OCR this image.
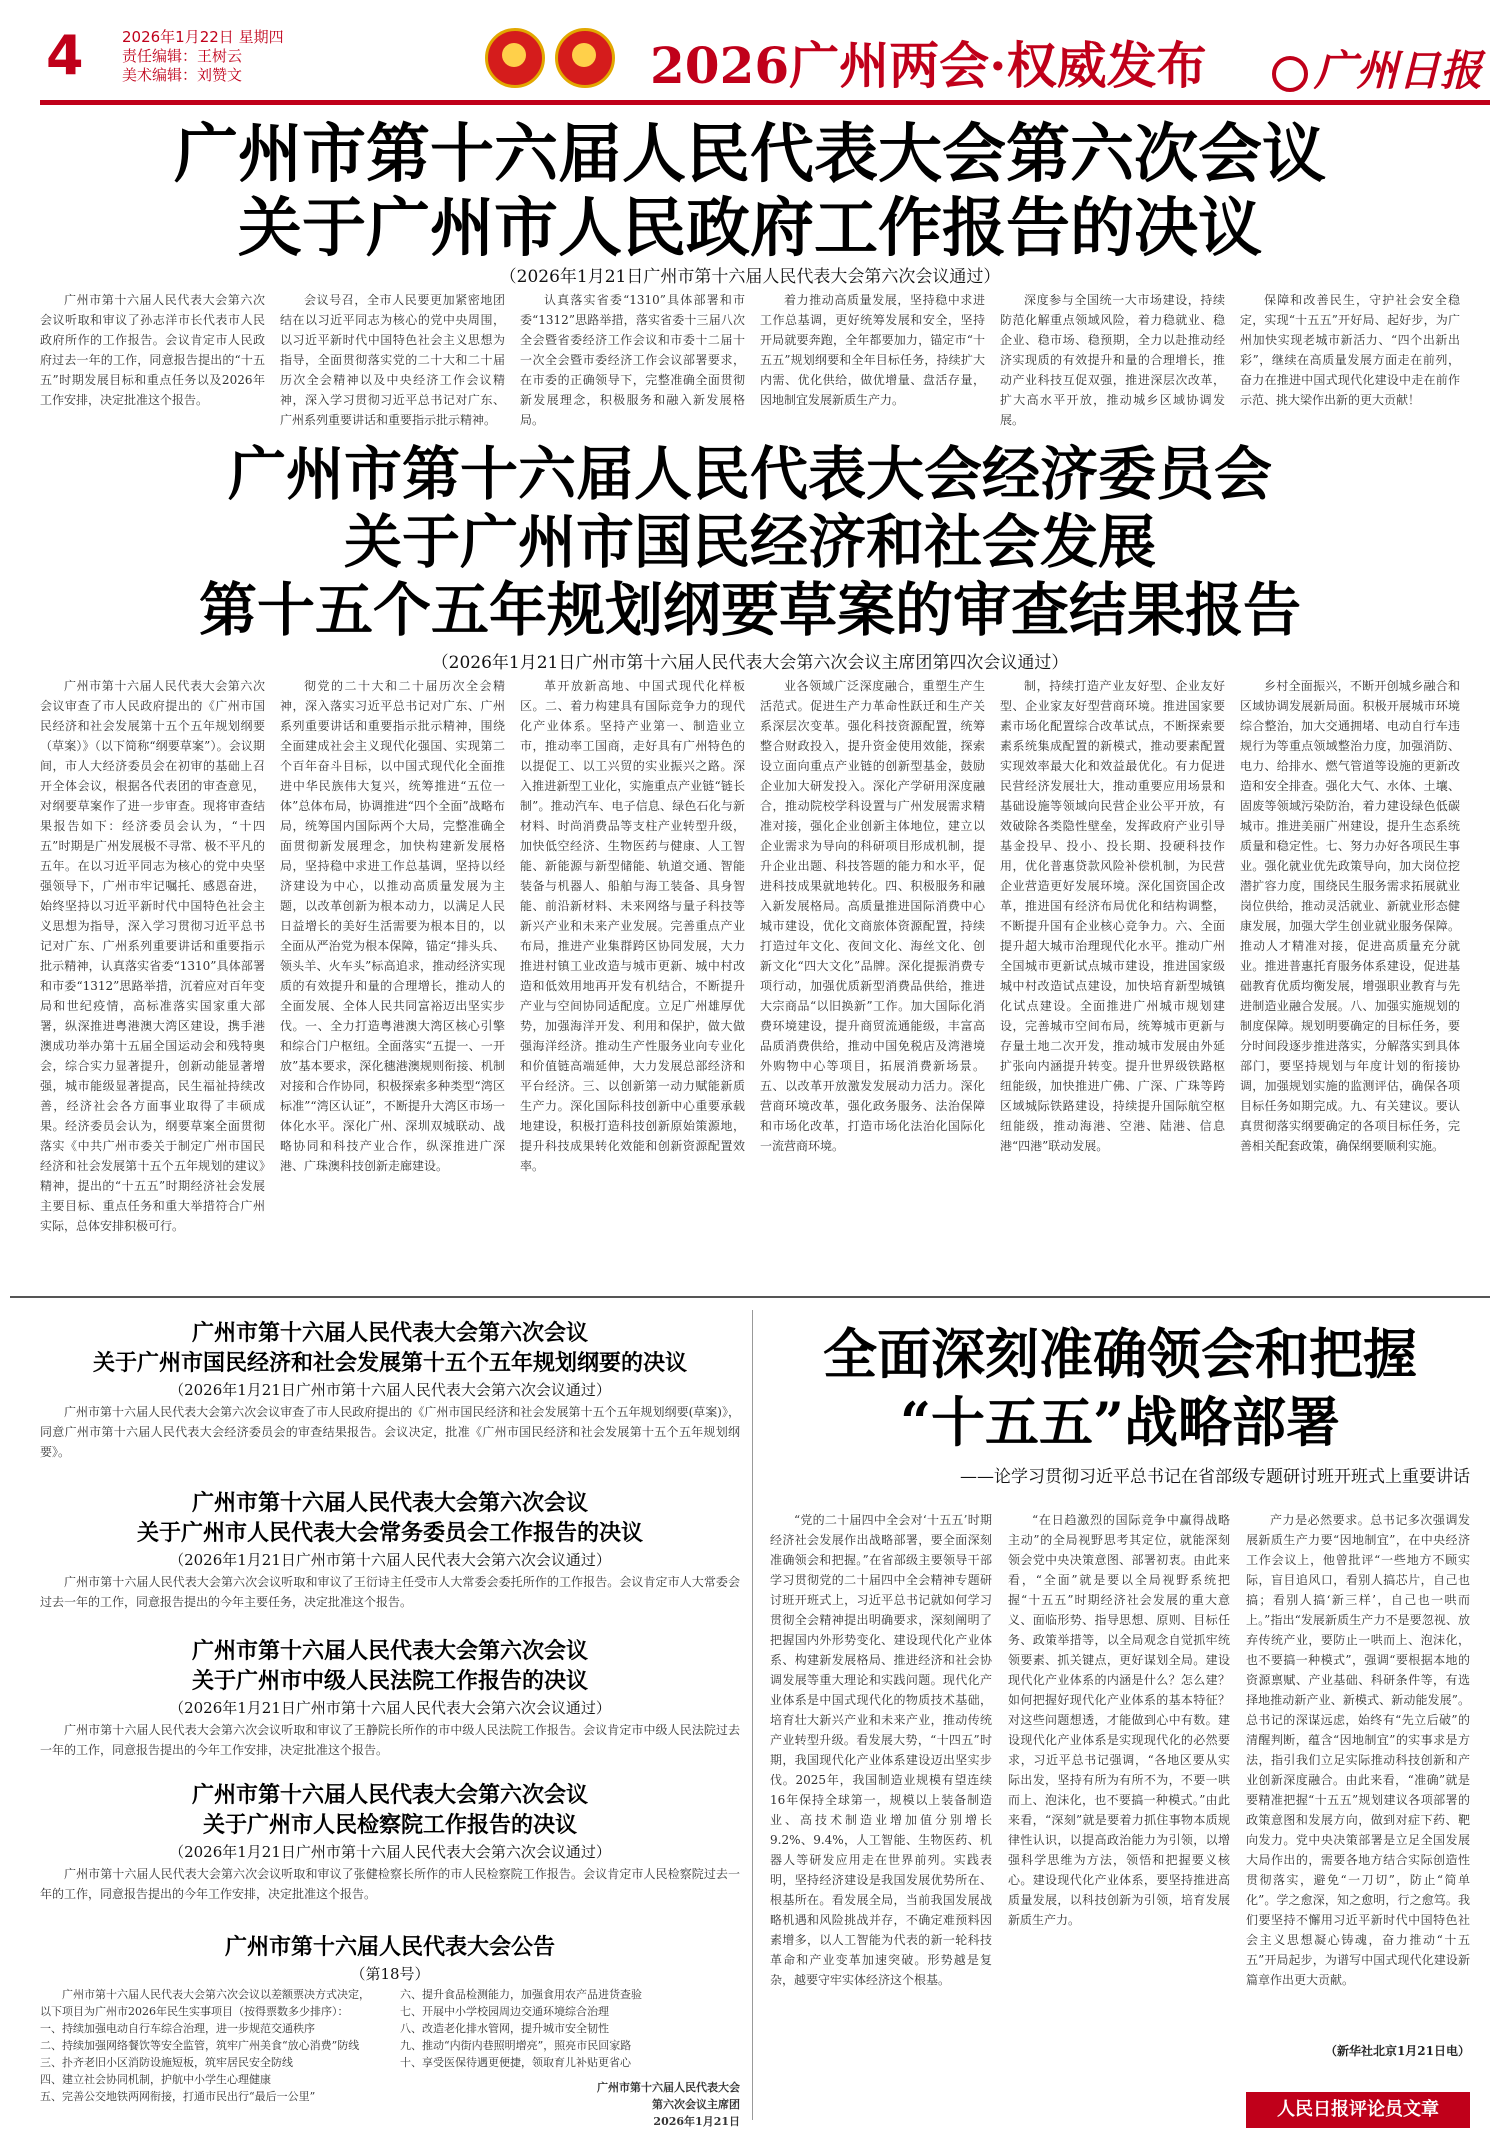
4	2026年1月22日 星期四
责任编辑：王树云
美术编辑：刘赞文	2026广州两会·权威发布	广州日报
广州市第十六届人民代表大会第六次会议
关于广州市人民政府工作报告的决议
（2026年1月21日广州市第十六届人民代表大会第六次会议通过）

广州市第十六届人民代表大会第六次会议听取和审议了孙志洋市长代表市人民政府所作的工作报告。会议肯定市人民政府过去一年的工作，同意报告提出的“十五五”时期发展目标和重点任务以及2026年工作安排，决定批准这个报告。

会议号召，全市人民要更加紧密地团结在以习近平同志为核心的党中央周围，以习近平新时代中国特色社会主义思想为指导，全面贯彻落实党的二十大和二十届历次全会精神以及中央经济工作会议精神，深入学习贯彻习近平总书记对广东、广州系列重要讲话和重要指示批示精神。

认真落实省委“1310”具体部署和市委“1312”思路举措，落实省委十三届八次全会暨省委经济工作会议和市委十二届十一次全会暨市委经济工作会议部署要求，在市委的正确领导下，完整准确全面贯彻新发展理念，积极服务和融入新发展格局。

着力推动高质量发展，坚持稳中求进工作总基调，更好统筹发展和安全，坚持开局就要奔跑，全年都要加力，锚定市“十五五”规划纲要和全年目标任务，持续扩大内需、优化供给，做优增量、盘活存量，因地制宜发展新质生产力。

深度参与全国统一大市场建设，持续防范化解重点领域风险，着力稳就业、稳企业、稳市场、稳预期，全力以赴推动经济实现质的有效提升和量的合理增长，推动产业科技互促双强，推进深层次改革，扩大高水平开放，推动城乡区域协调发展。

保障和改善民生，守护社会安全稳定，实现“十五五”开好局、起好步，为广州加快实现老城市新活力、“四个出新出彩”，继续在高质量发展方面走在前列，奋力在推进中国式现代化建设中走在前作示范、挑大梁作出新的更大贡献！

广州市第十六届人民代表大会经济委员会
关于广州市国民经济和社会发展
第十五个五年规划纲要草案的审查结果报告
（2026年1月21日广州市第十六届人民代表大会第六次会议主席团第四次会议通过）

广州市第十六届人民代表大会第六次会议审查了市人民政府提出的《广州市国民经济和社会发展第十五个五年规划纲要（草案）》（以下简称“纲要草案”）。会议期间，市人大经济委员会在初审的基础上召开全体会议，根据各代表团的审查意见，对纲要草案作了进一步审查。现将审查结果报告如下：经济委员会认为，“十四五”时期是广州发展极不寻常、极不平凡的五年。在以习近平同志为核心的党中央坚强领导下，广州市牢记嘱托、感恩奋进，始终坚持以习近平新时代中国特色社会主义思想为指导，深入学习贯彻习近平总书记对广东、广州系列重要讲话和重要指示批示精神，认真落实省委“1310”具体部署和市委“1312”思路举措，沉着应对百年变局和世纪疫情，高标准落实国家重大部署，纵深推进粤港澳大湾区建设，携手港澳成功举办第十五届全国运动会和残特奥会，综合实力显著提升，创新动能显著增强，城市能级显著提高，民生福祉持续改善，经济社会各方面事业取得了丰硕成果。经济委员会认为，纲要草案全面贯彻落实《中共广州市委关于制定广州市国民经济和社会发展第十五个五年规划的建议》精神，提出的“十五五”时期经济社会发展主要目标、重点任务和重大举措符合广州实际，总体安排积极可行。

彻党的二十大和二十届历次全会精神，深入落实习近平总书记对广东、广州系列重要讲话和重要指示批示精神，围绕全面建成社会主义现代化强国、实现第二个百年奋斗目标，以中国式现代化全面推进中华民族伟大复兴，统筹推进“五位一体”总体布局，协调推进“四个全面”战略布局，统筹国内国际两个大局，完整准确全面贯彻新发展理念，加快构建新发展格局，坚持稳中求进工作总基调，坚持以经济建设为中心，以推动高质量发展为主题，以改革创新为根本动力，以满足人民日益增长的美好生活需要为根本目的，以全面从严治党为根本保障，锚定“排头兵、领头羊、火车头”标高追求，推动经济实现质的有效提升和量的合理增长，推动人的全面发展、全体人民共同富裕迈出坚实步伐。一、全力打造粤港澳大湾区核心引擎和综合门户枢纽。全面落实“五提一、一开放”基本要求，深化穗港澳规则衔接、机制对接和合作协同，积极探索多种类型“湾区标准”“湾区认证”，不断提升大湾区市场一体化水平。深化广州、深圳双城联动、战略协同和科技产业合作，纵深推进广深港、广珠澳科技创新走廊建设。

革开放新高地、中国式现代化样板区。二、着力构建具有国际竞争力的现代化产业体系。坚持产业第一、制造业立市，推动率工国商，走好具有广州特色的以提促工、以工兴贸的实业振兴之路。深入推进新型工业化，实施重点产业链“链长制”。推动汽车、电子信息、绿色石化与新材料、时尚消费品等支柱产业转型升级，加快低空经济、生物医药与健康、人工智能、新能源与新型储能、轨道交通、智能装备与机器人、船舶与海工装备、具身智能、前沿新材料、未来网络与量子科技等新兴产业和未来产业发展。完善重点产业布局，推进产业集群跨区协同发展，大力推进村镇工业改造与城市更新、城中村改造和低效用地再开发有机结合，不断提升产业与空间协同适配度。立足广州雄厚优势，加强海洋开发、利用和保护，做大做强海洋经济。推动生产性服务业向专业化和价值链高端延伸，大力发展总部经济和平台经济。三、以创新第一动力赋能新质生产力。深化国际科技创新中心重要承载地建设，积极打造科技创新原始策源地，提升科技成果转化效能和创新资源配置效率。

业各领域广泛深度融合，重塑生产生活范式。促进生产力革命性跃迁和生产关系深层次变革。强化科技资源配置，统筹整合财政投入，提升资金使用效能，探索设立面向重点产业链的创新型基金，鼓励企业加大研发投入。深化产学研用深度融合，推动院校学科设置与广州发展需求精准对接，强化企业创新主体地位，建立以企业需求为导向的科研项目形成机制，提升企业出题、科技答题的能力和水平，促进科技成果就地转化。四、积极服务和融入新发展格局。高质量推进国际消费中心城市建设，优化文商旅体资源配置，持续打造过年文化、夜间文化、海丝文化、创新文化“四大文化”品牌。深化提振消费专项行动，加强优质新型消费品供给，推进大宗商品“以旧换新”工作。加大国际化消费环境建设，提升商贸流通能级，丰富高品质消费供给，推动中国免税店及湾港境外购物中心等项目，拓展消费新场景。五、以改革开放激发发展动力活力。深化营商环境改革，强化政务服务、法治保障和市场化改革，打造市场化法治化国际化一流营商环境。

制，持续打造产业友好型、企业友好型、企业家友好型营商环境。推进国家要素市场化配置综合改革试点，不断探索要素系统集成配置的新模式，推动要素配置实现效率最大化和效益最优化。有力促进民营经济发展壮大，推动重要应用场景和基础设施等领域向民营企业公平开放，有效破除各类隐性壁垒，发挥政府产业引导基金投早、投小、投长期、投硬科技作用，优化普惠贷款风险补偿机制，为民营企业营造更好发展环境。深化国资国企改革，推进国有经济布局优化和结构调整，不断提升国有企业核心竞争力。六、全面提升超大城市治理现代化水平。推动广州全国城市更新试点城市建设，推进国家级城中村改造试点建设，加快培育新型城镇化试点建设。全面推进广州城市规划建设，完善城市空间布局，统筹城市更新与存量土地二次开发，推动城市发展由外延扩张向内涵提升转变。提升世界级铁路枢纽能级，加快推进广佛、广深、广珠等跨区域城际铁路建设，持续提升国际航空枢纽能级，推动海港、空港、陆港、信息港“四港”联动发展。

乡村全面振兴，不断开创城乡融合和区域协调发展新局面。积极开展城市环境综合整治，加大交通拥堵、电动自行车违规行为等重点领域整治力度，加强消防、电力、给排水、燃气管道等设施的更新改造和安全排查。强化大气、水体、土壤、固废等领域污染防治，着力建设绿色低碳城市。推进美丽广州建设，提升生态系统质量和稳定性。七、努力办好各项民生事业。强化就业优先政策导向，加大岗位挖潜扩容力度，围绕民生服务需求拓展就业岗位供给，推动灵活就业、新就业形态健康发展，加强大学生创业就业服务保障。推动人才精准对接，促进高质量充分就业。推进普惠托育服务体系建设，促进基础教育优质均衡发展，增强职业教育与先进制造业融合发展。八、加强实施规划的制度保障。规划明要确定的目标任务，要分时间段逐步推进落实，分解落实到具体部门，要坚持规划与年度计划的衔接协调，加强规划实施的监测评估，确保各项目标任务如期完成。九、有关建议。要认真贯彻落实纲要确定的各项目标任务，完善相关配套政策，确保纲要顺利实施。

广州市第十六届人民代表大会第六次会议
关于广州市国民经济和社会发展第十五个五年规划纲要的决议
（2026年1月21日广州市第十六届人民代表大会第六次会议通过）
广州市第十六届人民代表大会第六次会议审查了市人民政府提出的《广州市国民经济和社会发展第十五个五年规划纲要(草案)》，同意广州市第十六届人民代表大会经济委员会的审查结果报告。会议决定，批准《广州市国民经济和社会发展第十五个五年规划纲要》。
广州市第十六届人民代表大会第六次会议
关于广州市人民代表大会常务委员会工作报告的决议
（2026年1月21日广州市第十六届人民代表大会第六次会议通过）
广州市第十六届人民代表大会第六次会议听取和审议了王衍诗主任受市人大常委会委托所作的工作报告。会议肯定市人大常委会过去一年的工作，同意报告提出的今年主要任务，决定批准这个报告。
广州市第十六届人民代表大会第六次会议
关于广州市中级人民法院工作报告的决议
（2026年1月21日广州市第十六届人民代表大会第六次会议通过）
广州市第十六届人民代表大会第六次会议听取和审议了王静院长所作的市中级人民法院工作报告。会议肯定市中级人民法院过去一年的工作，同意报告提出的今年工作安排，决定批准这个报告。
广州市第十六届人民代表大会第六次会议
关于广州市人民检察院工作报告的决议
（2026年1月21日广州市第十六届人民代表大会第六次会议通过）
广州市第十六届人民代表大会第六次会议听取和审议了张健检察长所作的市人民检察院工作报告。会议肯定市人民检察院过去一年的工作，同意报告提出的今年工作安排，决定批准这个报告。
广州市第十六届人民代表大会公告
（第18号）
广州市第十六届人民代表大会第六次会议以差额票决方式决定，以下项目为广州市2026年民生实事项目（按得票数多少排序）：
一、持续加强电动自行车综合治理，进一步规范交通秩序
二、持续加强网络餐饮等安全监管，筑牢广州美食“放心消费”防线
三、扑齐老旧小区消防设施短板，筑牢居民安全防线
四、建立社会协同机制，护航中小学生心理健康
五、完善公交地铁两网衔接，打通市民出行“最后一公里”
六、提升食品检测能力，加强食用农产品进货查验
七、开展中小学校园周边交通环境综合治理
八、改造老化排水管网，提升城市安全韧性
九、推动“内街内巷照明增亮”，照亮市民回家路
十、享受医保待遇更便捷，领取育儿补贴更省心
广州市第十六届人民代表大会
第六次会议主席团
2026年1月21日
全面深刻准确领会和把握
“十五五”战略部署
——论学习贯彻习近平总书记在省部级专题研讨班开班式上重要讲话

“党的二十届四中全会对‘十五五’时期经济社会发展作出战略部署，要全面深刻准确领会和把握。”在省部级主要领导干部学习贯彻党的二十届四中全会精神专题研讨班开班式上，习近平总书记就如何学习贯彻全会精神提出明确要求，深刻阐明了把握国内外形势变化、建设现代化产业体系、构建新发展格局、推进经济和社会协调发展等重大理论和实践问题。现代化产业体系是中国式现代化的物质技术基础，培育壮大新兴产业和未来产业，推动传统产业转型升级。看发展大势，“十四五”时期，我国现代化产业体系建设迈出坚实步伐。2025年，我国制造业规模有望连续16年保持全球第一，规模以上装备制造业、高技术制造业增加值分别增长9.2%、9.4%，人工智能、生物医药、机器人等研发应用走在世界前列。实践表明，坚持经济建设是我国发展优势所在、根基所在。看发展全局，当前我国发展战略机遇和风险挑战并存，不确定难预料因素增多，以人工智能为代表的新一轮科技革命和产业变革加速突破。形势越是复杂，越要守牢实体经济这个根基。

“在日趋激烈的国际竞争中赢得战略主动”的全局视野思考其定位，就能深刻领会党中央决策意图、部署初衷。由此来看，“全面”就是要以全局视野系统把握“十五五”时期经济社会发展的重大意义、面临形势、指导思想、原则、目标任务、政策举措等，以全局观念自觉抓牢统领要素、抓关键点，更好谋划全局。建设现代化产业体系的内涵是什么？怎么建？如何把握好现代化产业体系的基本特征？对这些问题想透，才能做到心中有数。建设现代化产业体系是实现现代化的必然要求，习近平总书记强调，“各地区要从实际出发，坚持有所为有所不为，不要一哄而上、泡沫化，也不要搞一种模式。”由此来看，“深刻”就是要着力抓住事物本质规律性认识，以提高政治能力为引领，以增强科学思维为方法，领悟和把握要义核心。建设现代化产业体系，要坚持推进高质量发展，以科技创新为引领，培育发展新质生产力。

产力是必然要求。总书记多次强调发展新质生产力要“因地制宜”，在中央经济工作会议上，他曾批评“一些地方不顾实际，盲目追风口，看别人搞芯片，自己也搞；看别人搞‘新三样’，自己也一哄而上。”指出“发展新质生产力不是要忽视、放弃传统产业，要防止一哄而上、泡沫化，也不要搞一种模式”，强调“要根据本地的资源禀赋、产业基础、科研条件等，有选择地推动新产业、新模式、新动能发展”。总书记的深谋远虑，始终有“先立后破”的清醒判断，蕴含“因地制宜”的实事求是方法，指引我们立足实际推动科技创新和产业创新深度融合。由此来看，“准确”就是要精准把握“十五五”规划建议各项部署的政策意图和发展方向，做到对症下药、靶向发力。党中央决策部署是立足全国发展大局作出的，需要各地方结合实际创造性贯彻落实，避免“一刀切”，防止“简单化”。学之愈深，知之愈明，行之愈笃。我们要坚持不懈用习近平新时代中国特色社会主义思想凝心铸魂，奋力推动“十五五”开局起步，为谱写中国式现代化建设新篇章作出更大贡献。

（新华社北京1月21日电）
人民日报评论员文章
